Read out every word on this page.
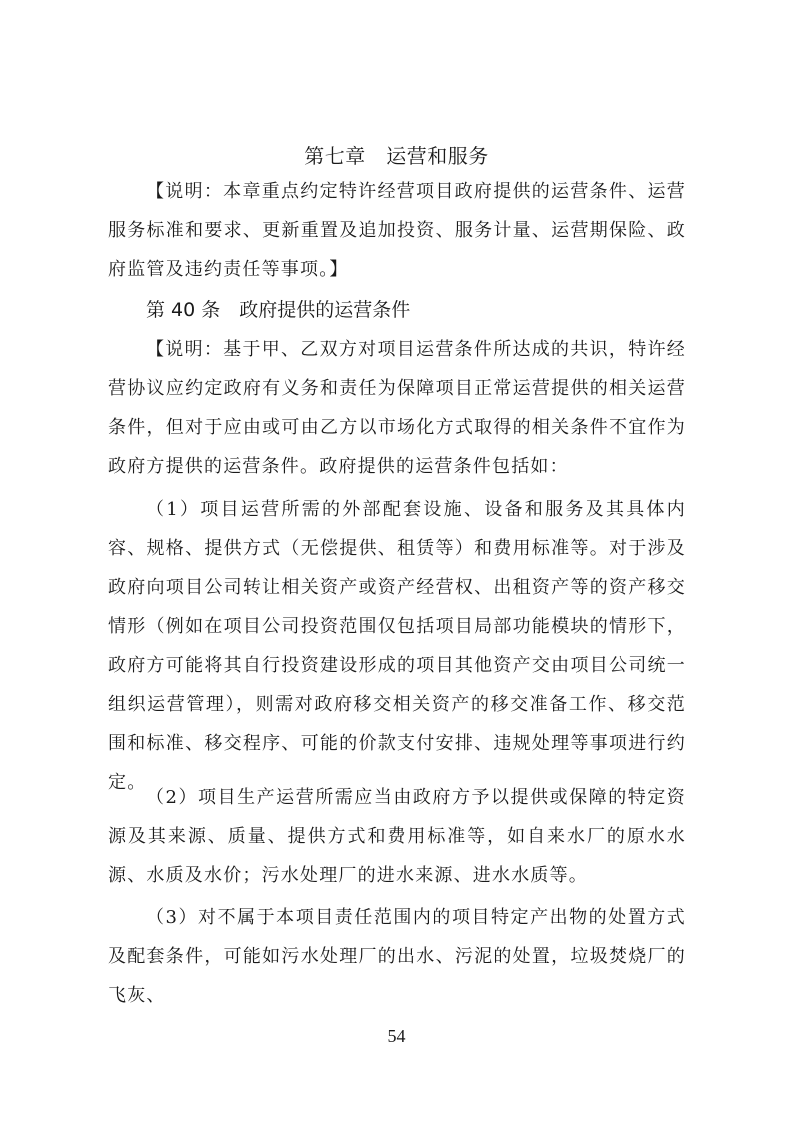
第七章　运营和服务
【说明：本章重点约定特许经营项目政府提供的运营条件、运营服务标准和要求、更新重置及追加投资、服务计量、运营期保险、政府监管及违约责任等事项。】
第 40 条　政府提供的运营条件
【说明：基于甲、乙双方对项目运营条件所达成的共识，特许经营协议应约定政府有义务和责任为保障项目正常运营提供的相关运营条件，但对于应由或可由乙方以市场化方式取得的相关条件不宜作为政府方提供的运营条件。政府提供的运营条件包括如：
（1）项目运营所需的外部配套设施、设备和服务及其具体内容、规格、提供方式（无偿提供、租赁等）和费用标准等。对于涉及政府向项目公司转让相关资产或资产经营权、出租资产等的资产移交情形（例如在项目公司投资范围仅包括项目局部功能模块的情形下，政府方可能将其自行投资建设形成的项目其他资产交由项目公司统一组织运营管理），则需对政府移交相关资产的移交准备工作、移交范围和标准、移交程序、可能的价款支付安排、违规处理等事项进行约定。
（2）项目生产运营所需应当由政府方予以提供或保障的特定资源及其来源、质量、提供方式和费用标准等，如自来水厂的原水水源、水质及水价；污水处理厂的进水来源、进水水质等。
（3）对不属于本项目责任范围内的项目特定产出物的处置方式及配套条件，可能如污水处理厂的出水、污泥的处置，垃圾焚烧厂的飞灰、
54
